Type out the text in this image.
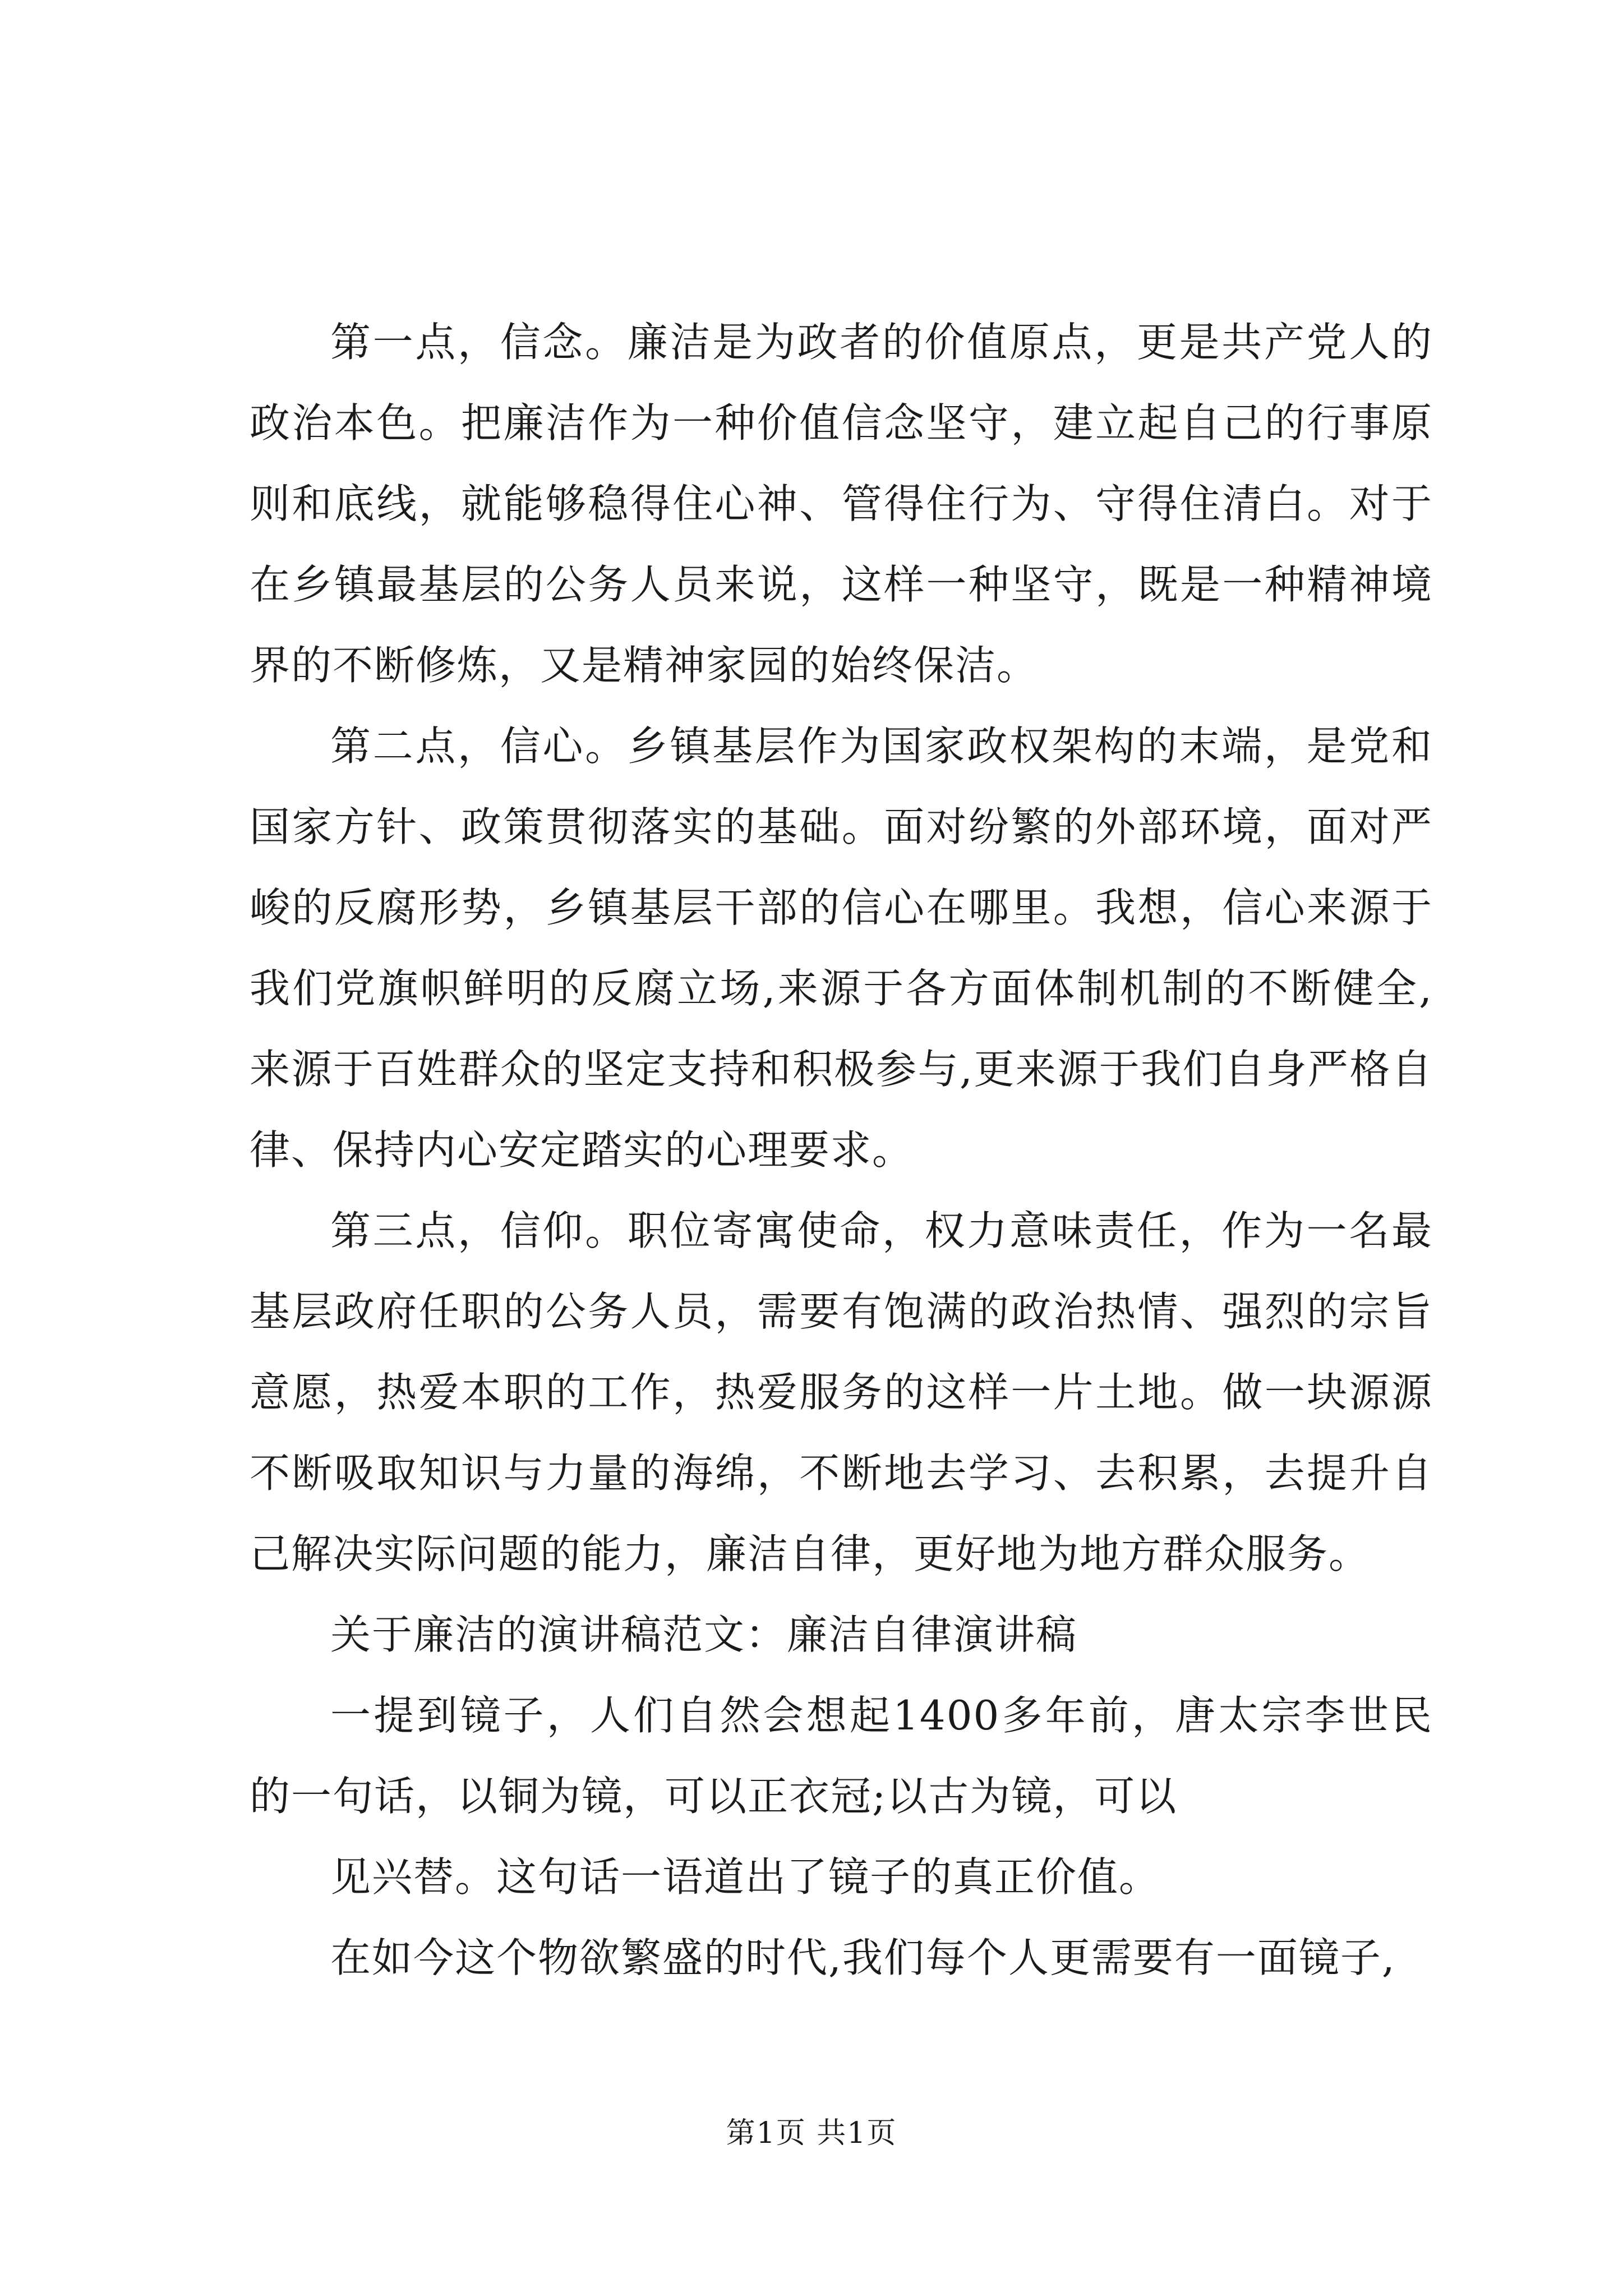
第一点，信念。廉洁是为政者的价值原点，更是共产党人的政治本色。把廉洁作为一种价值信念坚守，建立起自己的行事原则和底线，就能够稳得住心神、管得住行为、守得住清白。对于在乡镇最基层的公务人员来说，这样一种坚守，既是一种精神境界的不断修炼，又是精神家园的始终保洁。

第二点，信心。乡镇基层作为国家政权架构的末端，是党和国家方针、政策贯彻落实的基础。面对纷繁的外部环境，面对严峻的反腐形势，乡镇基层干部的信心在哪里。我想，信心来源于我们党旗帜鲜明的反腐立场,来源于各方面体制机制的不断健全,来源于百姓群众的坚定支持和积极参与,更来源于我们自身严格自律、保持内心安定踏实的心理要求。

第三点，信仰。职位寄寓使命，权力意味责任，作为一名最基层政府任职的公务人员，需要有饱满的政治热情、强烈的宗旨意愿，热爱本职的工作，热爱服务的这样一片土地。做一块源源不断吸取知识与力量的海绵，不断地去学习、去积累，去提升自己解决实际问题的能力，廉洁自律，更好地为地方群众服务。

关于廉洁的演讲稿范文：廉洁自律演讲稿

一提到镜子，人们自然会想起1400多年前，唐太宗李世民的一句话，以铜为镜，可以正衣冠;以古为镜，可以

见兴替。这句话一语道出了镜子的真正价值。

在如今这个物欲繁盛的时代,我们每个人更需要有一面镜子,

第1页 共1页
